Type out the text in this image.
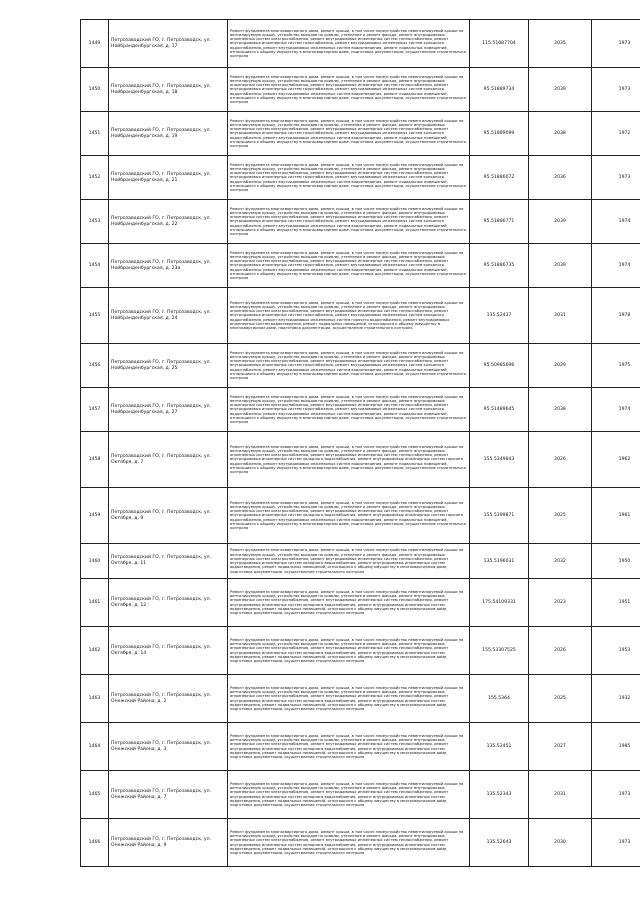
1449	Петрозаводский ГО, г. Петрозаводск, ул. Нойбранденбургская, д. 17	Ремонт фундамента многоквартирного дома, ремонт крыши, в том числе переустройство невентилируемой крыши на вентилируемую крышу, устройство выходов на кровлю, утепление и ремонт фасада, ремонт внутридомовых инженерных систем электроснабжения, ремонт внутридомовых инженерных систем теплоснабжения, ремонт внутридомовых инженерных систем газоснабжения, ремонт внутридомовых инженерных систем холодного водоснабжения, ремонт внутридомовых инженерных систем водоотведения, ремонт подвальных помещений, относящихся к общему имуществу в многоквартирном доме, подготовка документации, осуществление строительного контроля	115.51087704	2035	1973
1450	Петрозаводский ГО, г. Петрозаводск, ул. Нойбранденбургская, д. 18	Ремонт фундамента многоквартирного дома, ремонт крыши, в том числе переустройство невентилируемой крыши на вентилируемую крышу, устройство выходов на кровлю, утепление и ремонт фасада, ремонт внутридомовых инженерных систем электроснабжения, ремонт внутридомовых инженерных систем теплоснабжения, ремонт внутридомовых инженерных систем газоснабжения, ремонт внутридомовых инженерных систем холодного водоснабжения, ремонт внутридомовых инженерных систем водоотведения, ремонт подвальных помещений, относящихся к общему имуществу в многоквартирном доме, подготовка документации, осуществление строительного контроля	95.51889734	2039	1973
1451	Петрозаводский ГО, г. Петрозаводск, ул. Нойбранденбургская, д. 19	Ремонт фундамента многоквартирного дома, ремонт крыши, в том числе переустройство невентилируемой крыши на вентилируемую крышу, устройство выходов на кровлю, утепление и ремонт фасада, ремонт внутридомовых инженерных систем электроснабжения, ремонт внутридомовых инженерных систем теплоснабжения, ремонт внутридомовых инженерных систем газоснабжения, ремонт внутридомовых инженерных систем холодного водоснабжения, ремонт внутридомовых инженерных систем водоотведения, ремонт подвальных помещений, относящихся к общему имуществу в многоквартирном доме, подготовка документации, осуществление строительного контроля	95.51889099	2038	1972
1452	Петрозаводский ГО, г. Петрозаводск, ул. Нойбранденбургская, д. 21	Ремонт фундамента многоквартирного дома, ремонт крыши, в том числе переустройство невентилируемой крыши на вентилируемую крышу, устройство выходов на кровлю, утепление и ремонт фасада, ремонт внутридомовых инженерных систем электроснабжения, ремонт внутридомовых инженерных систем теплоснабжения, ремонт внутридомовых инженерных систем газоснабжения, ремонт внутридомовых инженерных систем холодного водоснабжения, ремонт внутридомовых инженерных систем водоотведения, ремонт подвальных помещений, относящихся к общему имуществу в многоквартирном доме, подготовка документации, осуществление строительного контроля	95.51886072	2036	1973
1453	Петрозаводский ГО, г. Петрозаводск, ул. Нойбранденбургская, д. 22	Ремонт фундамента многоквартирного дома, ремонт крыши, в том числе переустройство невентилируемой крыши на вентилируемую крышу, устройство выходов на кровлю, утепление и ремонт фасада, ремонт внутридомовых инженерных систем электроснабжения, ремонт внутридомовых инженерных систем теплоснабжения, ремонт внутридомовых инженерных систем газоснабжения, ремонт внутридомовых инженерных систем холодного водоснабжения, ремонт внутридомовых инженерных систем водоотведения, ремонт подвальных помещений, относящихся к общему имуществу в многоквартирном доме, подготовка документации, осуществление строительного контроля	95.51886771	2039	1974
1454	Петрозаводский ГО, г. Петрозаводск, ул. Нойбранденбургская, д. 23а	Ремонт фундамента многоквартирного дома, ремонт крыши, в том числе переустройство невентилируемой крыши на вентилируемую крышу, устройство выходов на кровлю, утепление и ремонт фасада, ремонт внутридомовых инженерных систем электроснабжения, ремонт внутридомовых инженерных систем теплоснабжения, ремонт внутридомовых инженерных систем газоснабжения, ремонт внутридомовых инженерных систем холодного водоснабжения, ремонт внутридомовых инженерных систем водоотведения, ремонт подвальных помещений, относящихся к общему имуществу в многоквартирном доме, подготовка документации, осуществление строительного контроля	95.51886735	2039	1974
1455	Петрозаводский ГО, г. Петрозаводск, ул. Нойбранденбургская, д. 24	Ремонт фундамента многоквартирного дома, ремонт крыши, в том числе переустройство невентилируемой крыши на вентилируемую крышу, устройство выходов на кровлю, утепление и ремонт фасада, ремонт внутридомовых инженерных систем электроснабжения, ремонт внутридомовых инженерных систем теплоснабжения, ремонт внутридомовых инженерных систем газоснабжения, ремонт внутридомовых инженерных систем холодного водоснабжения, ремонт внутридомовых инженерных систем горячего водоснабжения, ремонт внутридомовых инженерных систем водоотведения, ремонт подвальных помещений, относящихся к общему имуществу в многоквартирном доме, подготовка документации, осуществление строительного контроля	135.52437	2031	1978
1456	Петрозаводский ГО, г. Петрозаводск, ул. Нойбранденбургская, д. 25	Ремонт фундамента многоквартирного дома, ремонт крыши, в том числе переустройство невентилируемой крыши на вентилируемую крышу, устройство выходов на кровлю, утепление и ремонт фасада, ремонт внутридомовых инженерных систем электроснабжения, ремонт внутридомовых инженерных систем теплоснабжения, ремонт внутридомовых инженерных систем газоснабжения, ремонт внутридомовых инженерных систем холодного водоснабжения, ремонт внутридомовых инженерных систем водоотведения, ремонт подвальных помещений, относящихся к общему имуществу в многоквартирном доме, подготовка документации, осуществление строительного контроля	95.50985696	2029	1975
1457	Петрозаводский ГО, г. Петрозаводск, ул. Нойбранденбургская, д. 27	Ремонт фундамента многоквартирного дома, ремонт крыши, в том числе переустройство невентилируемой крыши на вентилируемую крышу, устройство выходов на кровлю, утепление и ремонт фасада, ремонт внутридомовых инженерных систем электроснабжения, ремонт внутридомовых инженерных систем теплоснабжения, ремонт внутридомовых инженерных систем газоснабжения, ремонт внутридомовых инженерных систем холодного водоснабжения, ремонт внутридомовых инженерных систем водоотведения, ремонт подвальных помещений, относящихся к общему имуществу в многоквартирном доме, подготовка документации, осуществление строительного контроля	95.51489645	2038	1974
1458	Петрозаводский ГО, г. Петрозаводск, ул. Октября, д. 7	Ремонт фундамента многоквартирного дома, ремонт крыши, в том числе переустройство невентилируемой крыши на вентилируемую крышу, устройство выходов на кровлю, утепление и ремонт фасада, ремонт внутридомовых инженерных систем электроснабжения, ремонт внутридомовых инженерных систем теплоснабжения, ремонт внутридомовых инженерных систем холодного водоснабжения, ремонт внутридомовых инженерных систем горячего водоснабжения, ремонт внутридомовых инженерных систем водоотведения, ремонт подвальных помещений, относящихся к общему имуществу в многоквартирном доме, подготовка документации, осуществление строительного контроля	155.5349843	2026	1962
1459	Петрозаводский ГО, г. Петрозаводск, ул. Октября, д. 9	Ремонт фундамента многоквартирного дома, ремонт крыши, в том числе переустройство невентилируемой крыши на вентилируемую крышу, устройство выходов на кровлю, утепление и ремонт фасада, ремонт внутридомовых инженерных систем электроснабжения, ремонт внутридомовых инженерных систем теплоснабжения, ремонт внутридомовых инженерных систем холодного водоснабжения, ремонт внутридомовых инженерных систем горячего водоснабжения, ремонт внутридомовых инженерных систем водоотведения, ремонт подвальных помещений, относящихся к общему имуществу в многоквартирном доме, подготовка документации, осуществление строительного контроля	155.5399871	2025	1961
1460	Петрозаводский ГО, г. Петрозаводск, ул. Октября, д. 11	Ремонт фундамента многоквартирного дома, ремонт крыши, в том числе переустройство невентилируемой крыши на вентилируемую крышу, устройство выходов на кровлю, утепление и ремонт фасада, ремонт внутридомовых инженерных систем электроснабжения, ремонт внутридомовых инженерных систем теплоснабжения, ремонт внутридомовых инженерных систем холодного водоснабжения, ремонт внутридомовых инженерных систем водоотведения, ремонт подвальных помещений, относящихся к общему имуществу в многоквартирном доме, подготовка документации, осуществление строительного контроля	135.5196031	2032	1950
1461	Петрозаводский ГО, г. Петрозаводск, ул. Октября, д. 12	Ремонт фундамента многоквартирного дома, ремонт крыши, в том числе переустройство невентилируемой крыши на вентилируемую крышу, устройство выходов на кровлю, утепление и ремонт фасада, ремонт внутридомовых инженерных систем электроснабжения, ремонт внутридомовых инженерных систем теплоснабжения, ремонт внутридомовых инженерных систем холодного водоснабжения, ремонт внутридомовых инженерных систем водоотведения, ремонт подвальных помещений, относящихся к общему имуществу в многоквартирном доме, подготовка документации, осуществление строительного контроля	175.54109331	2023	1951
1462	Петрозаводский ГО, г. Петрозаводск, ул. Октября, д. 14	Ремонт фундамента многоквартирного дома, ремонт крыши, в том числе переустройство невентилируемой крыши на вентилируемую крышу, устройство выходов на кровлю, утепление и ремонт фасада, ремонт внутридомовых инженерных систем электроснабжения, ремонт внутридомовых инженерных систем теплоснабжения, ремонт внутридомовых инженерных систем холодного водоснабжения, ремонт внутридомовых инженерных систем водоотведения, ремонт подвальных помещений, относящихся к общему имуществу в многоквартирном доме, подготовка документации, осуществление строительного контроля	155.53307525	2026	1953
1463	Петрозаводский ГО, г. Петрозаводск, ул. Онежский Района, д. 2	Ремонт фундамента многоквартирного дома, ремонт крыши, в том числе переустройство невентилируемой крыши на вентилируемую крышу, устройство выходов на кровлю, утепление и ремонт фасада, ремонт внутридомовых инженерных систем электроснабжения, ремонт внутридомовых инженерных систем теплоснабжения, ремонт внутридомовых инженерных систем холодного водоснабжения, ремонт внутридомовых инженерных систем водоотведения, ремонт подвальных помещений, относящихся к общему имуществу в многоквартирном доме, подготовка документации, осуществление строительного контроля	155.5364	2025	1932
1464	Петрозаводский ГО, г. Петрозаводск, ул. Онежский Района, д. 3	Ремонт фундамента многоквартирного дома, ремонт крыши, в том числе переустройство невентилируемой крыши на вентилируемую крышу, устройство выходов на кровлю, утепление и ремонт фасада, ремонт внутридомовых инженерных систем электроснабжения, ремонт внутридомовых инженерных систем теплоснабжения, ремонт внутридомовых инженерных систем холодного водоснабжения, ремонт внутридомовых инженерных систем водоотведения, ремонт подвальных помещений, относящихся к общему имуществу в многоквартирном доме, подготовка документации, осуществление строительного контроля	135.52451	2027	1985
1465	Петрозаводский ГО, г. Петрозаводск, ул. Онежский Района, д. 7	Ремонт фундамента многоквартирного дома, ремонт крыши, в том числе переустройство невентилируемой крыши на вентилируемую крышу, устройство выходов на кровлю, утепление и ремонт фасада, ремонт внутридомовых инженерных систем электроснабжения, ремонт внутридомовых инженерных систем теплоснабжения, ремонт внутридомовых инженерных систем холодного водоснабжения, ремонт внутридомовых инженерных систем водоотведения, ремонт подвальных помещений, относящихся к общему имуществу в многоквартирном доме, подготовка документации, осуществление строительного контроля	135.52343	2031	1973
1466	Петрозаводский ГО, г. Петрозаводск, ул. Онежский Района, д. 9	Ремонт фундамента многоквартирного дома, ремонт крыши, в том числе переустройство невентилируемой крыши на вентилируемую крышу, устройство выходов на кровлю, утепление и ремонт фасада, ремонт внутридомовых инженерных систем электроснабжения, ремонт внутридомовых инженерных систем теплоснабжения, ремонт внутридомовых инженерных систем холодного водоснабжения, ремонт внутридомовых инженерных систем водоотведения, ремонт подвальных помещений, относящихся к общему имуществу в многоквартирном доме, подготовка документации, осуществление строительного контроля	135.52643	2030	1973
